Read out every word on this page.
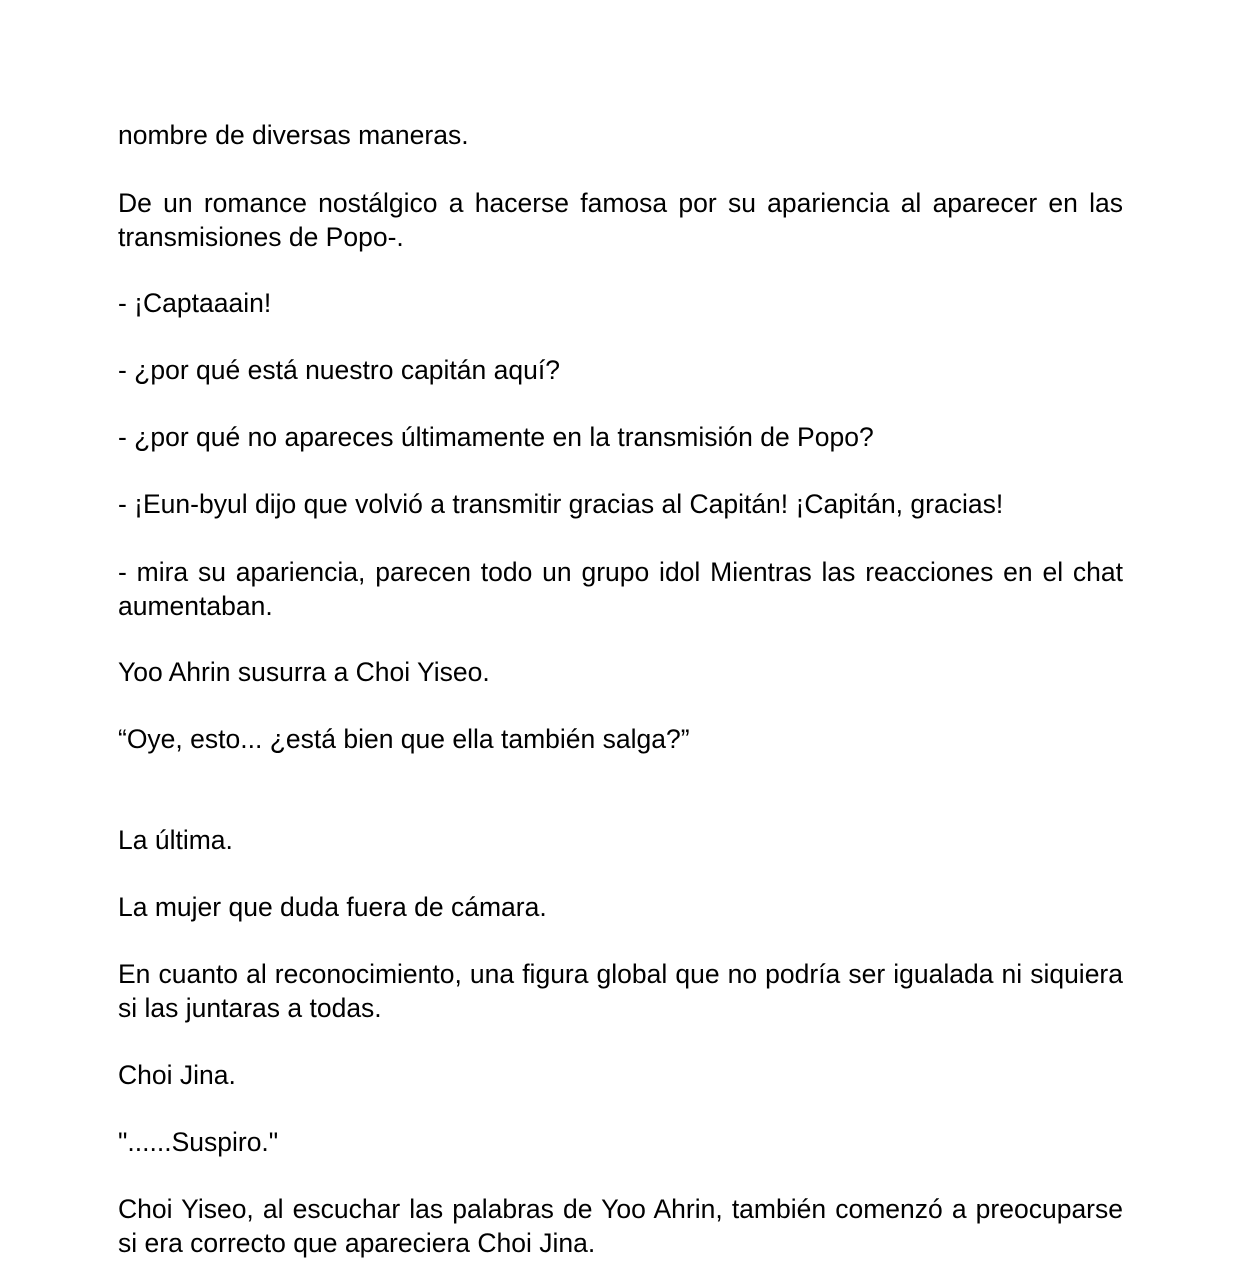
nombre de diversas maneras.

De un romance nostálgico a hacerse famosa por su apariencia al aparecer en las transmisiones de Popo-.

- ¡Captaaain!

- ¿por qué está nuestro capitán aquí?

- ¿por qué no apareces últimamente en la transmisión de Popo?

- ¡Eun-byul dijo que volvió a transmitir gracias al Capitán! ¡Capitán, gracias!

- mira su apariencia, parecen todo un grupo idol Mientras las reacciones en el chat aumentaban.

Yoo Ahrin susurra a Choi Yiseo.

“Oye, esto... ¿está bien que ella también salga?”

La última.

La mujer que duda fuera de cámara.

En cuanto al reconocimiento, una figura global que no podría ser igualada ni siquiera si las juntaras a todas.

Choi Jina.

"......Suspiro."

Choi Yiseo, al escuchar las palabras de Yoo Ahrin, también comenzó a preocuparse si era correcto que apareciera Choi Jina.
